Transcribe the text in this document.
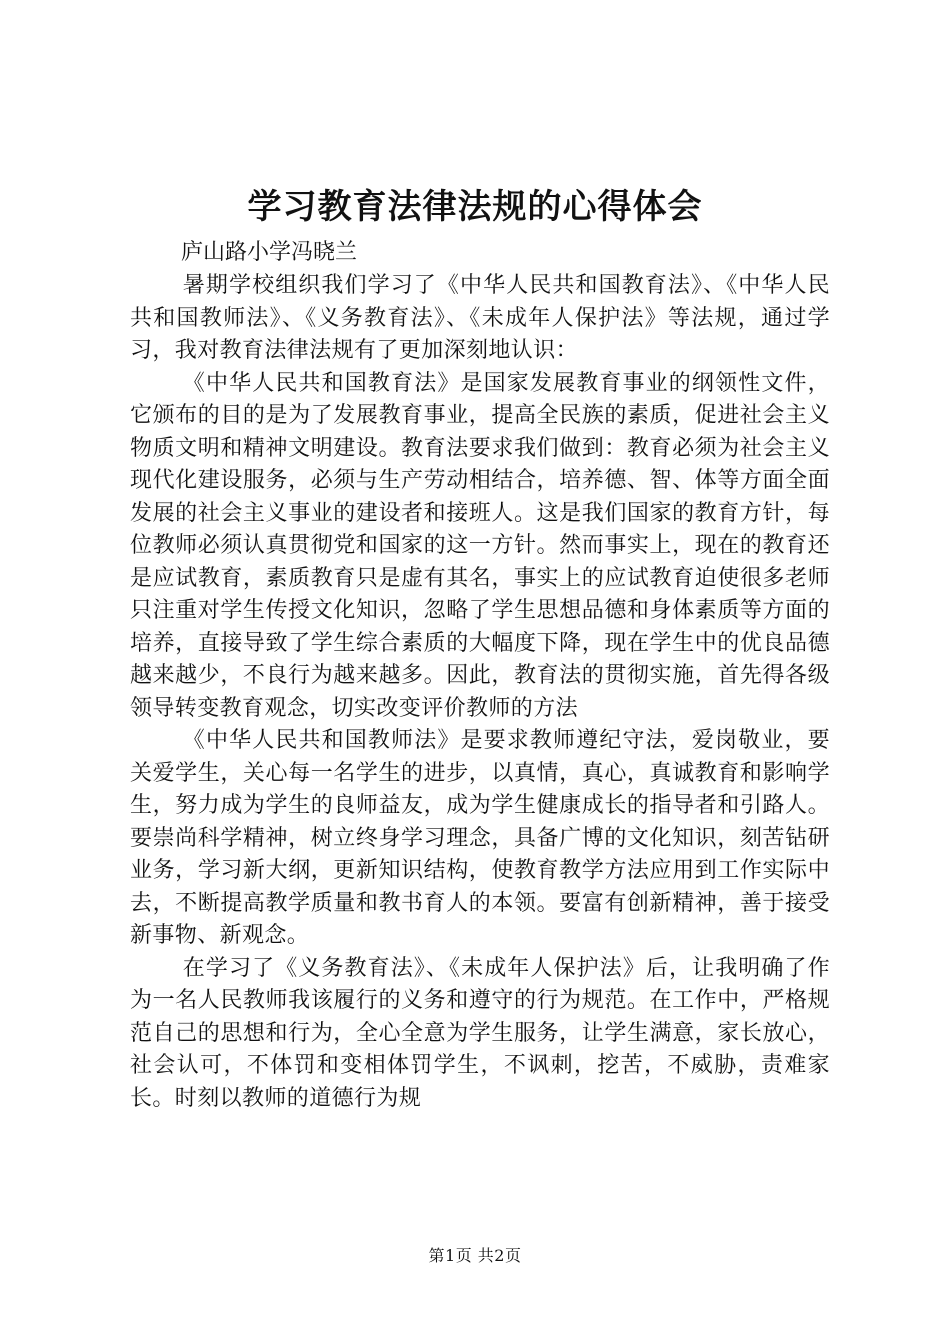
学习教育法律法规的心得体会

庐山路小学冯晓兰

暑期学校组织我们学习了《中华人民共和国教育法》、《中华人民共和国教师法》、《义务教育法》、《未成年人保护法》等法规，通过学习，我对教育法律法规有了更加深刻地认识：

《中华人民共和国教育法》是国家发展教育事业的纲领性文件，它颁布的目的是为了发展教育事业，提高全民族的素质，促进社会主义物质文明和精神文明建设。教育法要求我们做到：教育必须为社会主义现代化建设服务，必须与生产劳动相结合，培养德、智、体等方面全面发展的社会主义事业的建设者和接班人。这是我们国家的教育方针，每位教师必须认真贯彻党和国家的这一方针。然而事实上，现在的教育还是应试教育，素质教育只是虚有其名，事实上的应试教育迫使很多老师只注重对学生传授文化知识，忽略了学生思想品德和身体素质等方面的培养，直接导致了学生综合素质的大幅度下降，现在学生中的优良品德越来越少，不良行为越来越多。因此，教育法的贯彻实施，首先得各级领导转变教育观念，切实改变评价教师的方法

《中华人民共和国教师法》是要求教师遵纪守法，爱岗敬业，要关爱学生，关心每一名学生的进步，以真情，真心，真诚教育和影响学生，努力成为学生的良师益友，成为学生健康成长的指导者和引路人。要崇尚科学精神，树立终身学习理念，具备广博的文化知识，刻苦钻研业务，学习新大纲，更新知识结构，使教育教学方法应用到工作实际中去，不断提高教学质量和教书育人的本领。要富有创新精神，善于接受新事物、新观念。

在学习了《义务教育法》、《未成年人保护法》后，让我明确了作为一名人民教师我该履行的义务和遵守的行为规范。在工作中，严格规范自己的思想和行为，全心全意为学生服务，让学生满意，家长放心，社会认可，不体罚和变相体罚学生，不讽刺，挖苦，不威胁，责难家长。时刻以教师的道德行为规

第1页 共2页
